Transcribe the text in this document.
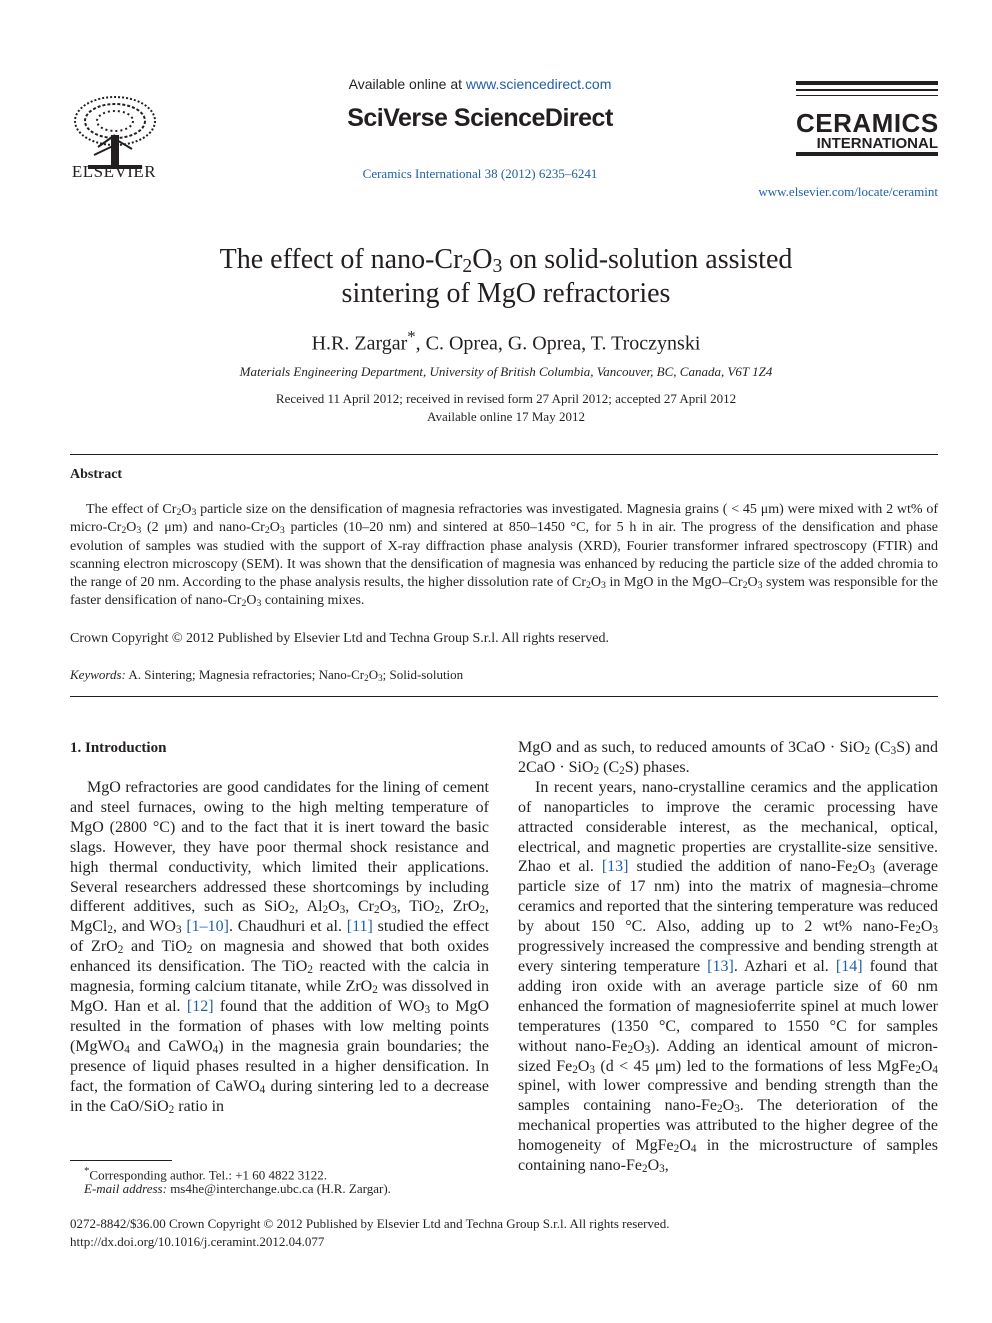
ELSEVIER
Available online at www.sciencedirect.com
SciVerse ScienceDirect
Ceramics International 38 (2012) 6235–6241
CERAMICS
INTERNATIONAL
www.elsevier.com/locate/ceramint
The effect of nano-$Cr_2O_3$ on solid-solution assisted
sintering of MgO refractories
H.R. Zargar*, C. Oprea, G. Oprea, T. Troczynski
Materials Engineering Department, University of British Columbia, Vancouver, BC, Canada, V6T 1Z4
Received 11 April 2012; received in revised form 27 April 2012; accepted 27 April 2012
Available online 17 May 2012
Abstract
The effect of $Cr_2O_3$ particle size on the densification of magnesia refractories was investigated. Magnesia grains ( < 45 μm) were mixed with 2 wt% of micro-$Cr_2O_3$ (2 μm) and nano-$Cr_2O_3$ particles (10–20 nm) and sintered at 850–1450 °C, for 5 h in air. The progress of the densification and phase evolution of samples was studied with the support of X-ray diffraction phase analysis (XRD), Fourier transformer infrared spectroscopy (FTIR) and scanning electron microscopy (SEM). It was shown that the densification of magnesia was enhanced by reducing the particle size of the added chromia to the range of 20 nm. According to the phase analysis results, the higher dissolution rate of $Cr_2O_3$ in MgO in the MgO–$Cr_2O_3$ system was responsible for the faster densification of nano-$Cr_2O_3$ containing mixes.
Crown Copyright © 2012 Published by Elsevier Ltd and Techna Group S.r.l. All rights reserved.
Keywords: A. Sintering; Magnesia refractories; Nano-$Cr_2O_3$; Solid-solution
1. Introduction

MgO refractories are good candidates for the lining of cement and steel furnaces, owing to the high melting temperature of MgO (2800 °C) and to the fact that it is inert toward the basic slags. However, they have poor thermal shock resistance and high thermal conductivity, which limited their applications. Several researchers addressed these shortcomings by including different additives, such as SiO$_2$, $Al_2O_3$, $Cr_2O_3$, TiO$_2$, ZrO$_2$, MgCl$_2$, and $WO_3$ [1–10]. Chaudhuri et al. [11] studied the effect of ZrO$_2$ and TiO$_2$ on magnesia and showed that both oxides enhanced its densification. The TiO$_2$ reacted with the calcia in magnesia, forming calcium titanate, while ZrO$_2$ was dissolved in MgO. Han et al. [12] found that the addition of $WO_3$ to MgO resulted in the formation of phases with low melting points (MgWO$_4$ and CaWO$_4$) in the magnesia grain boundaries; the presence of liquid phases resulted in a higher densification. In fact, the formation of CaWO$_4$ during sintering led to a decrease in the CaO/SiO$_2$ ratio in

MgO and as such, to reduced amounts of 3CaO · SiO$_2$ $(C_3S)$ and 2CaO · SiO$_2$ $(C_2S)$ phases.

In recent years, nano-crystalline ceramics and the application of nanoparticles to improve the ceramic processing have attracted considerable interest, as the mechanical, optical, electrical, and magnetic properties are crystallite-size sensitive. Zhao et al. [13] studied the addition of nano-$Fe_2O_3$ (average particle size of 17 nm) into the matrix of magnesia–chrome ceramics and reported that the sintering temperature was reduced by about 150 °C. Also, adding up to 2 wt% nano-$Fe_2O_3$ progressively increased the compressive and bending strength at every sintering temperature [13]. Azhari et al. [14] found that adding iron oxide with an average particle size of 60 nm enhanced the formation of magnesioferrite spinel at much lower temperatures (1350 °C, compared to 1550 °C for samples without nano-$Fe_2O_3$). Adding an identical amount of micron-sized $Fe_2O_3$ (d < 45 μm) led to the formations of less $MgFe_2O_4$ spinel, with lower compressive and bending strength than the samples containing nano-$Fe_2O_3$. The deterioration of the mechanical properties was attributed to the higher degree of the homogeneity of $MgFe_2O_4$ in the microstructure of samples containing nano-$Fe_2O_3$,

*Corresponding author. Tel.: +1 60 4822 3122.
E-mail address: ms4he@interchange.ubc.ca (H.R. Zargar).
0272-8842/$36.00 Crown Copyright © 2012 Published by Elsevier Ltd and Techna Group S.r.l. All rights reserved.
http://dx.doi.org/10.1016/j.ceramint.2012.04.077
